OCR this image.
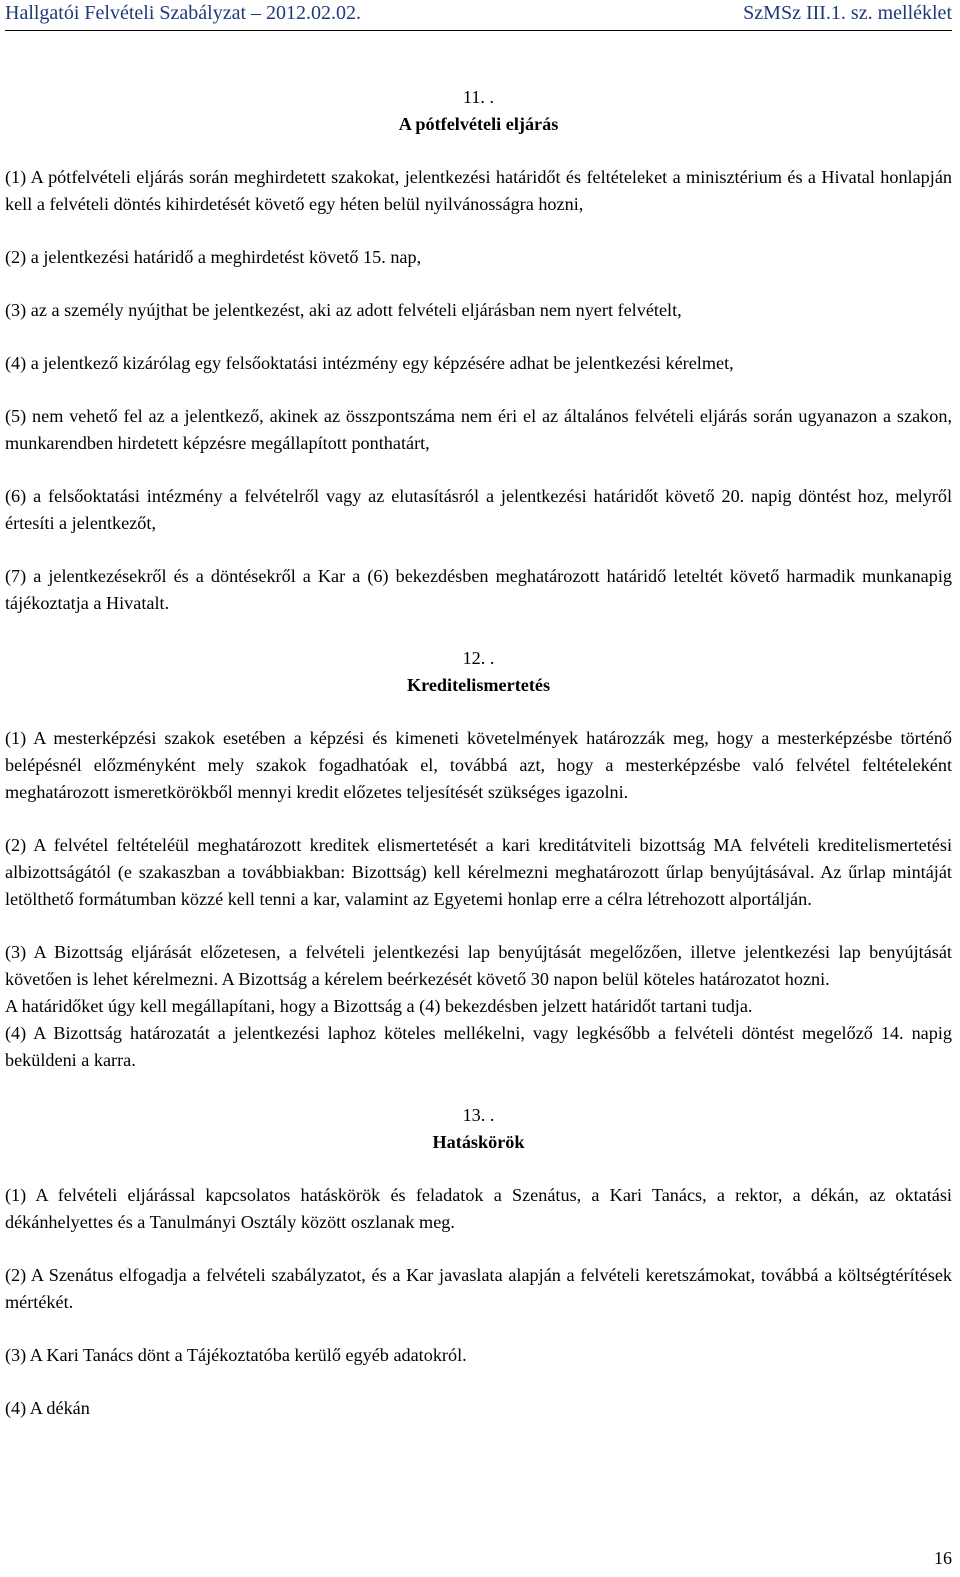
Hallgatói Felvételi Szabályzat – 2012.02.02.	SzMSz III.1. sz. melléklet
11. .
A pótfelvételi eljárás

(1) A pótfelvételi eljárás során meghirdetett szakokat, jelentkezési határidőt és feltételeket a minisztérium és a Hivatal honlapján kell a felvételi döntés kihirdetését követő egy héten belül nyilvánosságra hozni,

(2) a jelentkezési határidő a meghirdetést követő 15. nap,

(3) az a személy nyújthat be jelentkezést, aki az adott felvételi eljárásban nem nyert felvételt,

(4) a jelentkező kizárólag egy felsőoktatási intézmény egy képzésére adhat be jelentkezési kérelmet,

(5) nem vehető fel az a jelentkező, akinek az összpontszáma nem éri el az általános felvételi eljárás során ugyanazon a szakon, munkarendben hirdetett képzésre megállapított ponthatárt,

(6) a felsőoktatási intézmény a felvételről vagy az elutasításról a jelentkezési határidőt követő 20. napig döntést hoz, melyről értesíti a jelentkezőt,

(7) a jelentkezésekről és a döntésekről a Kar a (6) bekezdésben meghatározott határidő leteltét követő harmadik munkanapig tájékoztatja a Hivatalt.

12. .
Kreditelismertetés

(1) A mesterképzési szakok esetében a képzési és kimeneti követelmények határozzák meg, hogy a mesterképzésbe történő belépésnél előzményként mely szakok fogadhatóak el, továbbá azt, hogy a mesterképzésbe való felvétel feltételeként meghatározott ismeretkörökből mennyi kredit előzetes teljesítését szükséges igazolni.

(2) A felvétel feltételéül meghatározott kreditek elismertetését a kari kreditátviteli bizottság MA felvételi kreditelismertetési albizottságától (e szakaszban a továbbiakban: Bizottság) kell kérelmezni meghatározott űrlap benyújtásával. Az űrlap mintáját letölthető formátumban közzé kell tenni a kar, valamint az Egyetemi honlap erre a célra létrehozott alportálján.

(3) A Bizottság eljárását előzetesen, a felvételi jelentkezési lap benyújtását megelőzően, illetve jelentkezési lap benyújtását követően is lehet kérelmezni. A Bizottság a kérelem beérkezését követő 30 napon belül köteles határozatot hozni.

A határidőket úgy kell megállapítani, hogy a Bizottság a (4) bekezdésben jelzett határidőt tartani tudja.

(4) A Bizottság határozatát a jelentkezési laphoz köteles mellékelni, vagy legkésőbb a felvételi döntést megelőző 14. napig beküldeni a karra.

13. .
Hatáskörök

(1) A felvételi eljárással kapcsolatos hatáskörök és feladatok a Szenátus, a Kari Tanács, a rektor, a dékán, az oktatási dékánhelyettes és a Tanulmányi Osztály között oszlanak meg.

(2) A Szenátus elfogadja a felvételi szabályzatot, és a Kar javaslata alapján a felvételi keretszámokat, továbbá a költségtérítések mértékét.

(3) A Kari Tanács dönt a Tájékoztatóba kerülő egyéb adatokról.

(4) A dékán

16
